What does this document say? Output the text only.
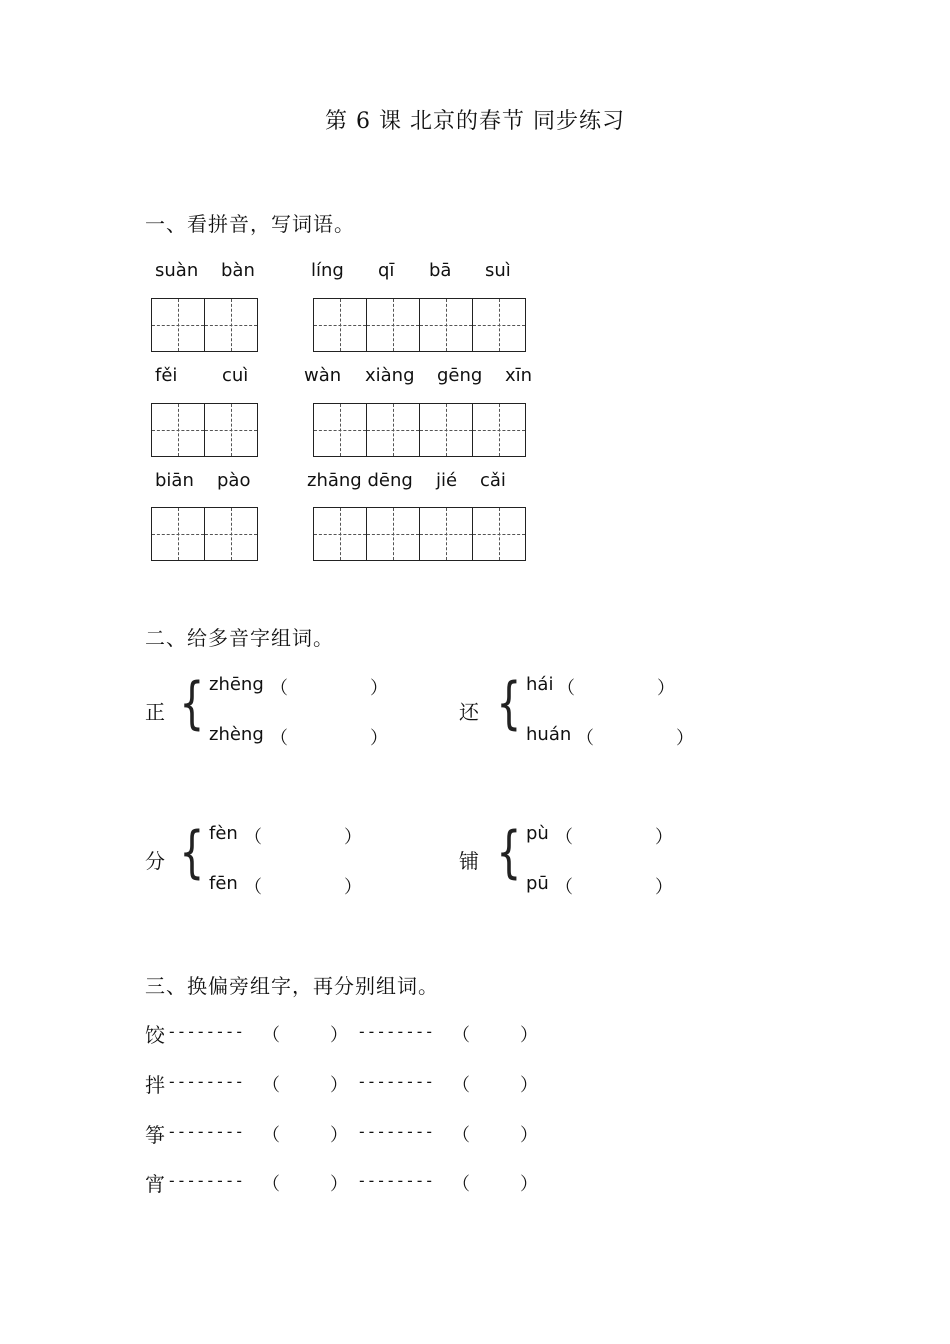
第 6 课 北京的春节 同步练习
一、看拼音，写词语。
suàn bàn	líng qī bā suì
fěi cuì	wàn xiàng gēng xīn
biān pào	zhāng dēng jié cǎi
二、给多音字组词。
正 { zhēng （	）
zhèng （	）
还 { hái （	）
huán （	）
分 { fèn （	）
fēn （	）
铺 { pù （	）
pū （	）
三、换偏旁组字，再分别组词。
饺 -------- （	） -------- （	）
拌 -------- （	） -------- （	）
筝 -------- （	） -------- （	）
宵 -------- （	） -------- （	）
